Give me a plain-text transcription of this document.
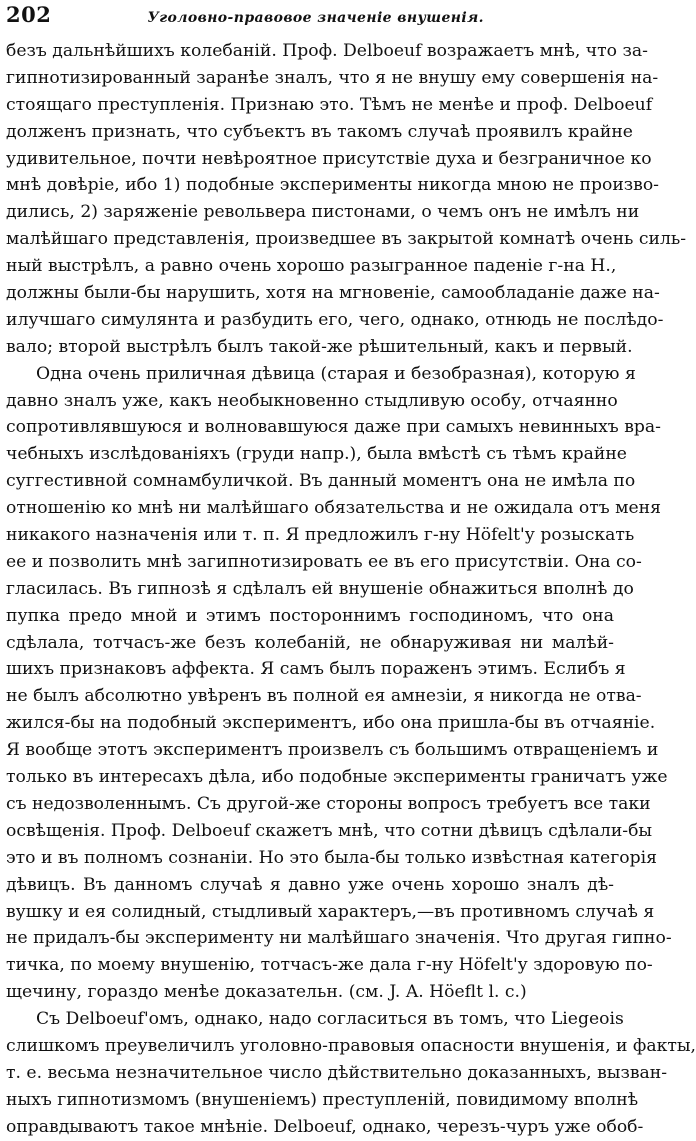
202	Уголовно-правовое значеніе внушенія.
безъ дальнѣйшихъ колебаній. Проф. Delboeuf возражаетъ мнѣ, что за-
гипнотизированный заранѣе зналъ, что я не внушу ему совершенія на-
стоящаго преступленія. Признаю это. Тѣмъ не менѣе и проф. Delboeuf
долженъ признать, что субъектъ въ такомъ случаѣ проявилъ крайне
удивительное, почти невѣроятное присутствіе духа и безграничное ко
мнѣ довѣріе, ибо 1) подобные эксперименты никогда мною не произво-
дились, 2) заряженіе револьвера пистонами, о чемъ онъ не имѣлъ ни
малѣйшаго представленія, произведшее въ закрытой комнатѣ очень силь-
ный выстрѣлъ, а равно очень хорошо разыгранное паденіе г-на H.,
должны были-бы нарушить, хотя на мгновеніе, самообладаніе даже на-
илучшаго симулянта и разбудить его, чего, однако, отнюдь не послѣдо-
вало; второй выстрѣлъ былъ такой-же рѣшительный, какъ и первый.
Одна очень приличная дѣвица (старая и безобразная), которую я
давно зналъ уже, какъ необыкновенно стыдливую особу, отчаянно
сопротивлявшуюся и волновавшуюся даже при самыхъ невинныхъ вра-
чебныхъ изслѣдованіяхъ (груди напр.), была вмѣстѣ съ тѣмъ крайне
суггестивной сомнамбуличкой. Въ данный моментъ она не имѣла по
отношенію ко мнѣ ни малѣйшаго обязательства и не ожидала отъ меня
никакого назначенія или т. п. Я предложилъ г-ну Höfelt'у розыскать
ее и позволить мнѣ загипнотизировать ее въ его присутствіи. Она со-
гласилась. Въ гипнозѣ я сдѣлалъ ей внушеніе обнажиться вполнѣ до
пупка предо мной и этимъ постороннимъ господиномъ, что она
сдѣлала, тотчасъ-же безъ колебаній, не обнаруживая ни малѣй-
шихъ признаковъ аффекта. Я самъ былъ пораженъ этимъ. Еслибъ я
не былъ абсолютно увѣренъ въ полной ея амнезіи, я никогда не отва-
жился-бы на подобный экспериментъ, ибо она пришла-бы въ отчаяніе.
Я вообще этотъ экспериментъ произвелъ съ большимъ отвращеніемъ и
только въ интересахъ дѣла, ибо подобные эксперименты граничатъ уже
съ недозволеннымъ. Съ другой-же стороны вопросъ требуетъ все таки
освѣщенія. Проф. Delboeuf скажетъ мнѣ, что сотни дѣвицъ сдѣлали-бы
это и въ полномъ сознаніи. Но это была-бы только извѣстная категорія
дѣвицъ. Въ данномъ случаѣ я давно уже очень хорошо зналъ дѣ-
вушку и ея солидный, стыдливый характеръ,—въ противномъ случаѣ я
не придалъ-бы эксперименту ни малѣйшаго значенія. Что другая гипно-
тичка, по моему внушенію, тотчасъ-же дала г-ну Höfelt'у здоровую по-
щечину, гораздо менѣе доказательн. (см. J. A. Höeflt l. c.)
Съ Delboeuf'омъ, однако, надо согласиться въ томъ, что Liegeois
слишкомъ преувеличилъ уголовно-правовыя опасности внушенія, и факты,
т. е. весьма незначительное число дѣйствительно доказанныхъ, вызван-
ныхъ гипнотизмомъ (внушеніемъ) преступленій, повидимому вполнѣ
оправдываютъ такое мнѣніе. Delboeuf, однако, черезъ-чуръ уже обоб-
